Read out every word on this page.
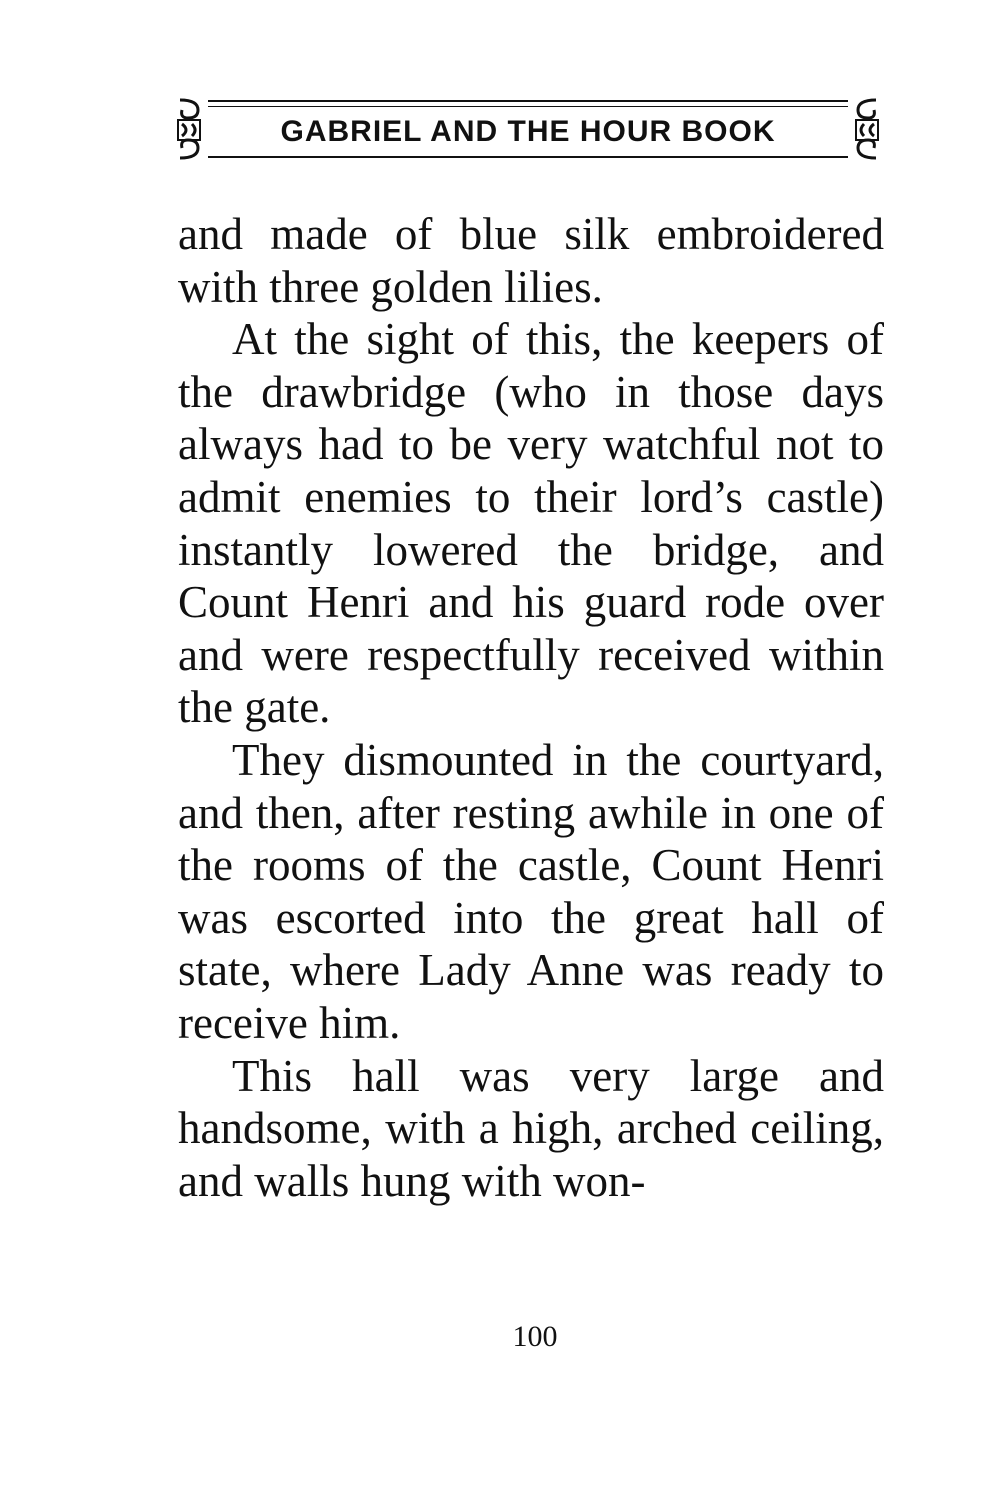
GABRIEL AND THE HOUR BOOK

and made of blue silk embroidered with three golden lilies.

At the sight of this, the keepers of the drawbridge (who in those days always had to be very watchful not to admit enemies to their lord’s castle) instantly lowered the bridge, and Count Henri and his guard rode over and were respectfully received within the gate.

They dismounted in the courtyard, and then, after resting awhile in one of the rooms of the castle, Count Henri was escorted into the great hall of state, where Lady Anne was ready to receive him.

This hall was very large and handsome, with a high, arched ceiling, and walls hung with won-

100
